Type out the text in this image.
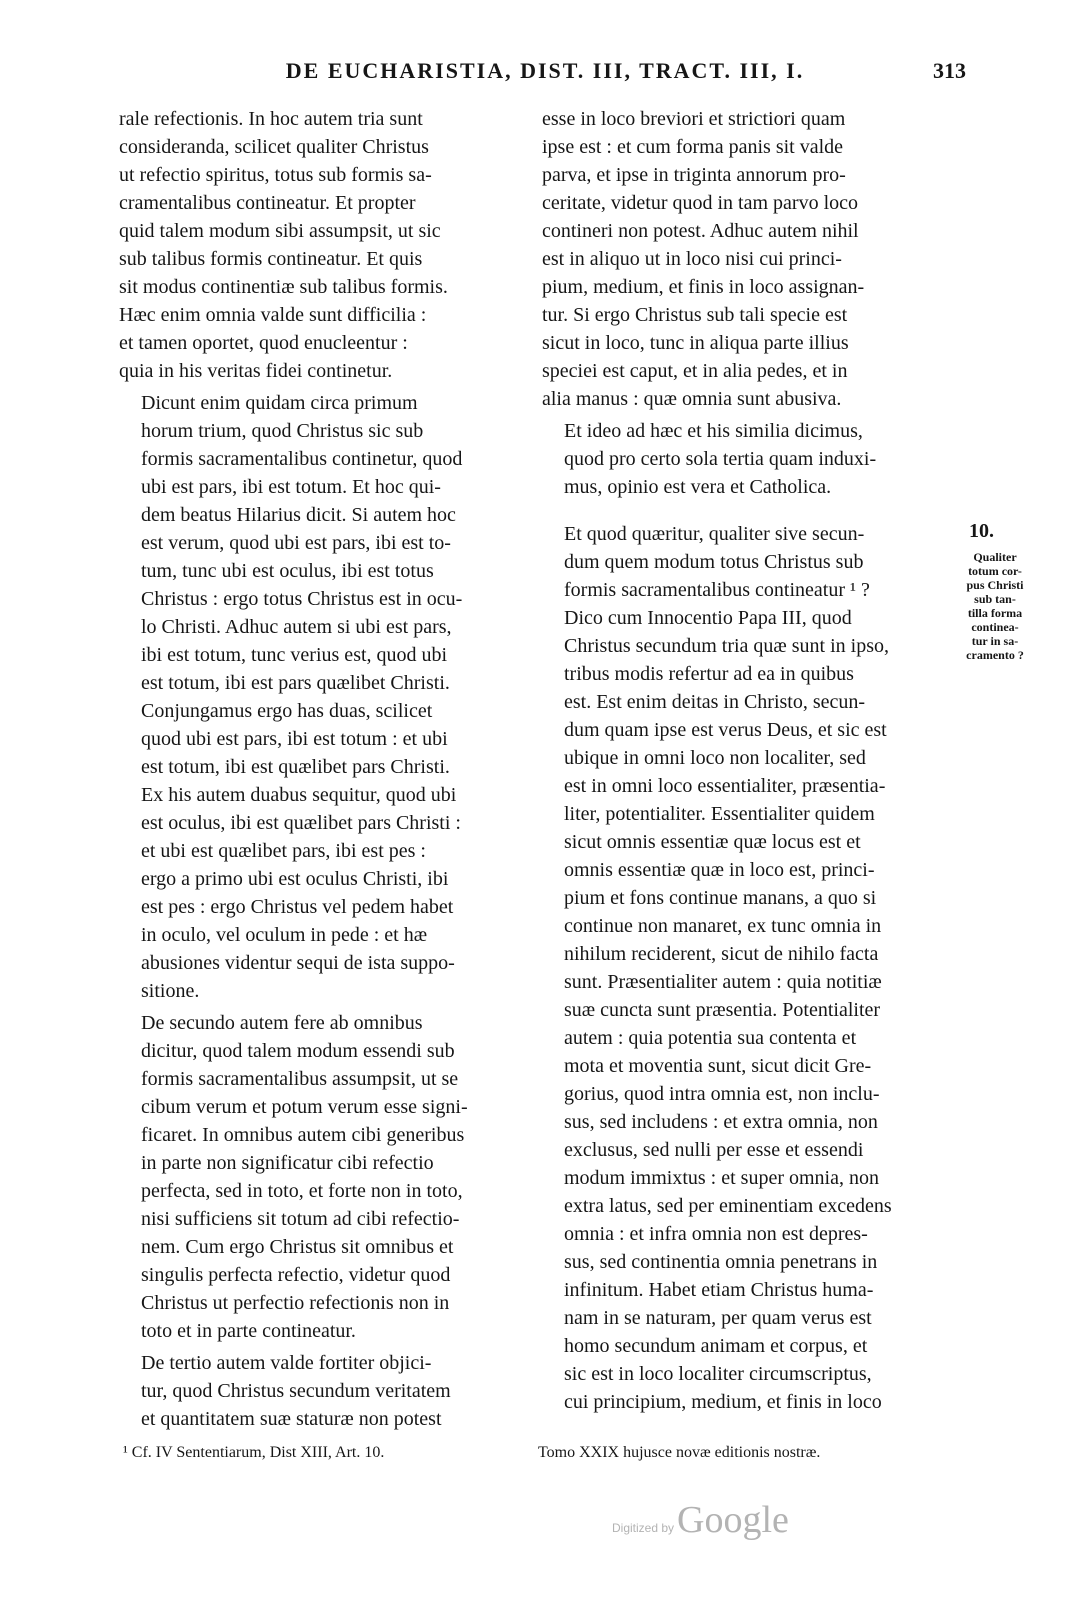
DE EUCHARISTIA, DIST. III, TRACT. III, I.	313

rale refectionis. In hoc autem tria sunt
consideranda, scilicet qualiter Christus
ut refectio spiritus, totus sub formis sa-
cramentalibus contineatur. Et propter
quid talem modum sibi assumpsit, ut sic
sub talibus formis contineatur. Et quis
sit modus continentiæ sub talibus formis.
Hæc enim omnia valde sunt difficilia :
et tamen oportet, quod enucleentur :
quia in his veritas fidei continetur.

Dicunt enim quidam circa primum
horum trium, quod Christus sic sub
formis sacramentalibus continetur, quod
ubi est pars, ibi est totum. Et hoc qui-
dem beatus Hilarius dicit. Si autem hoc
est verum, quod ubi est pars, ibi est to-
tum, tunc ubi est oculus, ibi est totus
Christus : ergo totus Christus est in ocu-
lo Christi. Adhuc autem si ubi est pars,
ibi est totum, tunc verius est, quod ubi
est totum, ibi est pars quælibet Christi.
Conjungamus ergo has duas, scilicet
quod ubi est pars, ibi est totum : et ubi
est totum, ibi est quælibet pars Christi.
Ex his autem duabus sequitur, quod ubi
est oculus, ibi est quælibet pars Christi :
et ubi est quælibet pars, ibi est pes :
ergo a primo ubi est oculus Christi, ibi
est pes : ergo Christus vel pedem habet
in oculo, vel oculum in pede : et hæ
abusiones videntur sequi de ista suppo-
sitione.

De secundo autem fere ab omnibus
dicitur, quod talem modum essendi sub
formis sacramentalibus assumpsit, ut se
cibum verum et potum verum esse signi-
ficaret. In omnibus autem cibi generibus
in parte non significatur cibi refectio
perfecta, sed in toto, et forte non in toto,
nisi sufficiens sit totum ad cibi refectio-
nem. Cum ergo Christus sit omnibus et
singulis perfecta refectio, videtur quod
Christus ut perfectio refectionis non in
toto et in parte contineatur.

De tertio autem valde fortiter objici-
tur, quod Christus secundum veritatem
et quantitatem suæ staturæ non potest

esse in loco breviori et strictiori quam
ipse est : et cum forma panis sit valde
parva, et ipse in triginta annorum pro-
ceritate, videtur quod in tam parvo loco
contineri non potest. Adhuc autem nihil
est in aliquo ut in loco nisi cui princi-
pium, medium, et finis in loco assignan-
tur. Si ergo Christus sub tali specie est
sicut in loco, tunc in aliqua parte illius
speciei est caput, et in alia pedes, et in
alia manus : quæ omnia sunt abusiva.

Et ideo ad hæc et his similia dicimus,
quod pro certo sola tertia quam induxi-
mus, opinio est vera et Catholica.

Et quod quæritur, qualiter sive secun-
dum quem modum totus Christus sub
formis sacramentalibus contineatur ¹ ?
Dico cum Innocentio Papa III, quod
Christus secundum tria quæ sunt in ipso,
tribus modis refertur ad ea in quibus
est. Est enim deitas in Christo, secun-
dum quam ipse est verus Deus, et sic est
ubique in omni loco non localiter, sed
est in omni loco essentialiter, præsentia-
liter, potentialiter. Essentialiter quidem
sicut omnis essentiæ quæ locus est et
omnis essentiæ quæ in loco est, princi-
pium et fons continue manans, a quo si
continue non manaret, ex tunc omnia in
nihilum reciderent, sicut de nihilo facta
sunt. Præsentialiter autem : quia notitiæ
suæ cuncta sunt præsentia. Potentialiter
autem : quia potentia sua contenta et
mota et moventia sunt, sicut dicit Gre-
gorius, quod intra omnia est, non inclu-
sus, sed includens : et extra omnia, non
exclusus, sed nulli per esse et essendi
modum immixtus : et super omnia, non
extra latus, sed per eminentiam excedens
omnia : et infra omnia non est depres-
sus, sed continentia omnia penetrans in
infinitum. Habet etiam Christus huma-
nam in se naturam, per quam verus est
homo secundum animam et corpus, et
sic est in loco localiter circumscriptus,
cui principium, medium, et finis in loco

10.
Qualiter
totum cor-
pus Christi
sub tan-
tilla forma
continea-
tur in sa-
cramento ?
¹ Cf. IV Sententiarum, Dist XIII, Art. 10.	Tomo XXIX hujusce novæ editionis nostræ.
Digitized by Google
